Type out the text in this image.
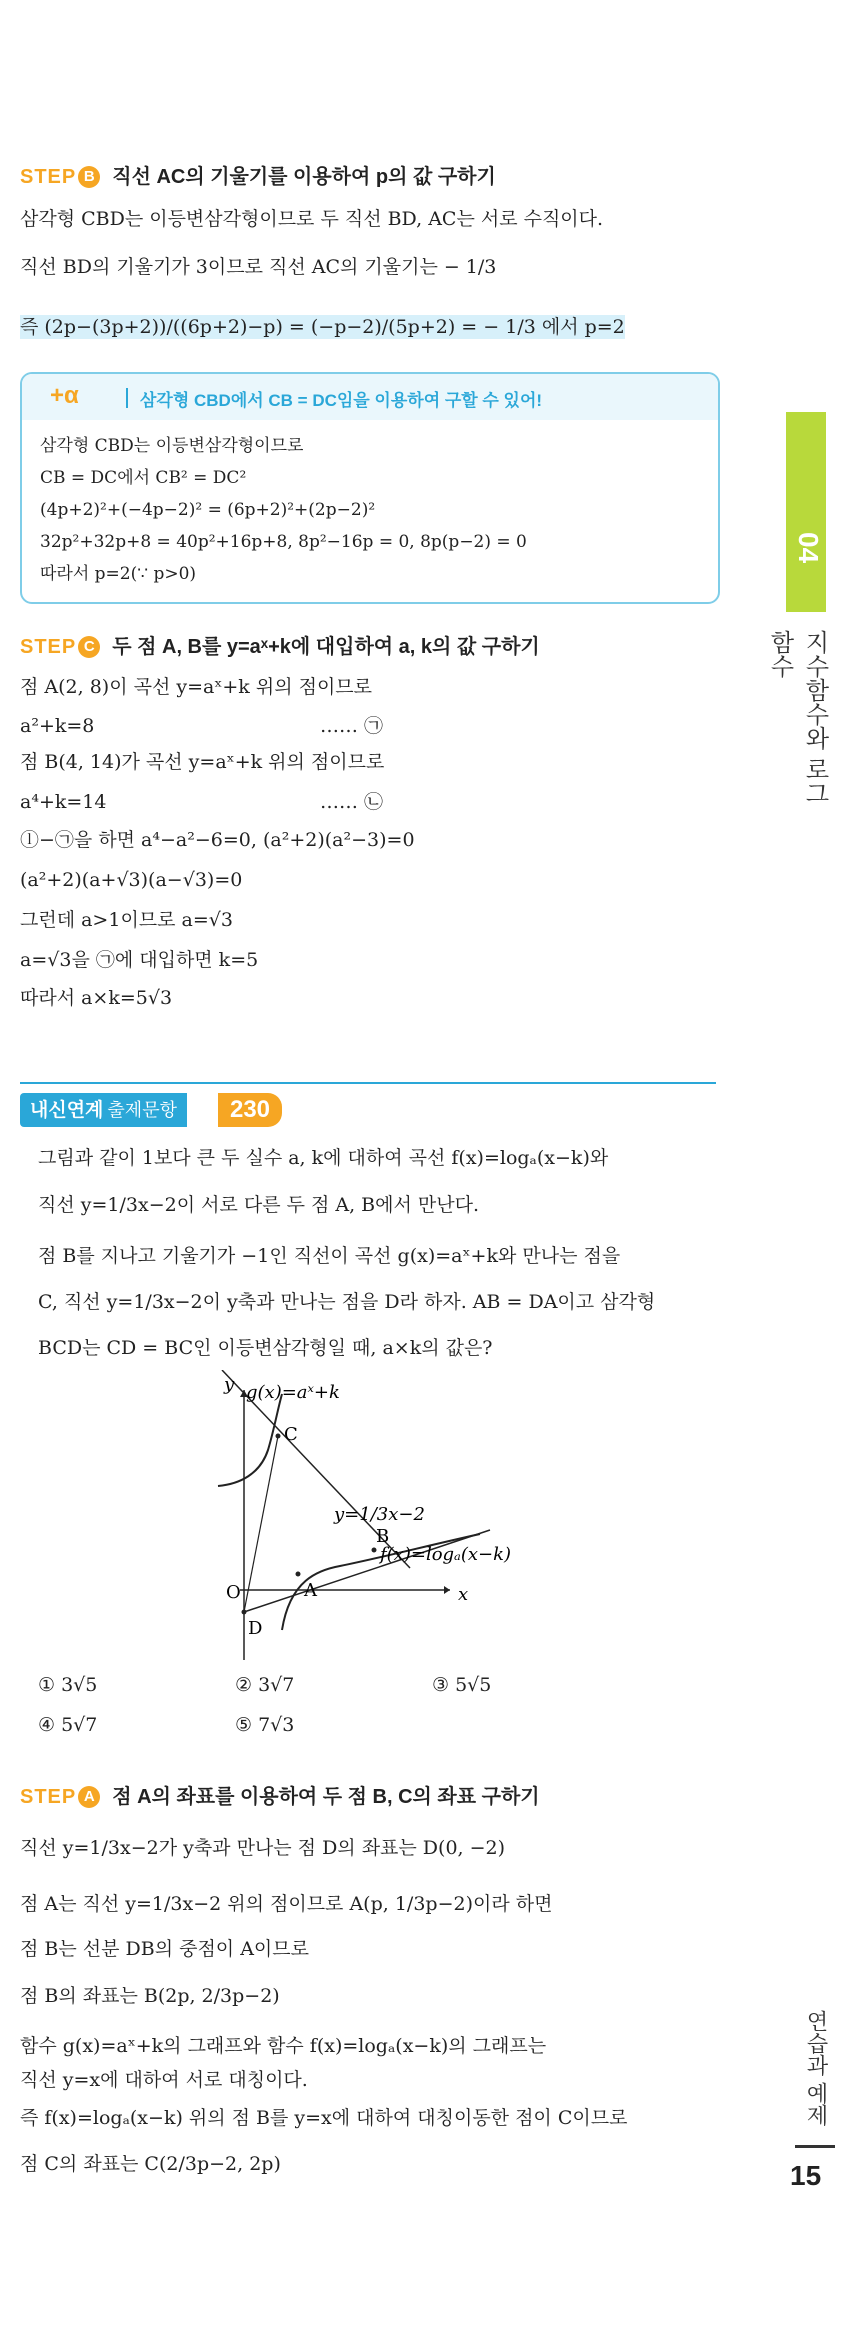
STEP B 직선 AC의 기울기를 이용하여 p의 값 구하기
삼각형 CBD는 이등변삼각형이므로 두 직선 BD, AC는 서로 수직이다.
직선 BD의 기울기가 3이므로 직선 AC의 기울기는 − 1/3
즉 (2p−(3p+2))/((6p+2)−p) = (−p−2)/(5p+2) = − 1/3 에서 p=2
+α	삼각형 CBD에서 CB = DC임을 이용하여 구할 수 있어!
삼각형 CBD는 이등변삼각형이므로
CB = DC에서 CB² = DC²
(4p+2)²+(−4p−2)² = (6p+2)²+(2p−2)²
32p²+32p+8 = 40p²+16p+8, 8p²−16p = 0, 8p(p−2) = 0
따라서 p=2(∵ p>0)
STEP C 두 점 A, B를 y=aˣ+k에 대입하여 a, k의 값 구하기
점 A(2, 8)이 곡선 y=aˣ+k 위의 점이므로
a²+k=8	…… ㉠
점 B(4, 14)가 곡선 y=aˣ+k 위의 점이므로
a⁴+k=14	…… ㉡
ⓛ−㉠을 하면 a⁴−a²−6=0, (a²+2)(a²−3)=0
(a²+2)(a+√3)(a−√3)=0
그런데 a>1이므로 a=√3
a=√3을 ㉠에 대입하면 k=5
따라서 a×k=5√3
내신연계 출제문항	230
그림과 같이 1보다 큰 두 실수 a, k에 대하여 곡선 f(x)=logₐ(x−k)와
직선 y=1/3x−2이 서로 다른 두 점 A, B에서 만난다.
점 B를 지나고 기울기가 −1인 직선이 곡선 g(x)=aˣ+k와 만나는 점을
C, 직선 y=1/3x−2이 y축과 만나는 점을 D라 하자. AB = DA이고 삼각형
BCD는 CD = BC인 이등변삼각형일 때, a×k의 값은?
y
x
g(x)=aˣ+k
y=1/3x−2
f(x)=logₐ(x−k)
O
D
A
B
C
① 3√5	② 3√7	③ 5√5
④ 5√7	⑤ 7√3
STEP A 점 A의 좌표를 이용하여 두 점 B, C의 좌표 구하기
직선 y=1/3x−2가 y축과 만나는 점 D의 좌표는 D(0, −2)
점 A는 직선 y=1/3x−2 위의 점이므로 A(p, 1/3p−2)이라 하면
점 B는 선분 DB의 중점이 A이므로
점 B의 좌표는 B(2p, 2/3p−2)
함수 g(x)=aˣ+k의 그래프와 함수 f(x)=logₐ(x−k)의 그래프는
직선 y=x에 대하여 서로 대칭이다.
즉 f(x)=logₐ(x−k) 위의 점 B를 y=x에 대하여 대칭이동한 점이 C이므로
점 C의 좌표는 C(2/3p−2, 2p)
04
지수함수와 로그함수
연습과 예제
15
